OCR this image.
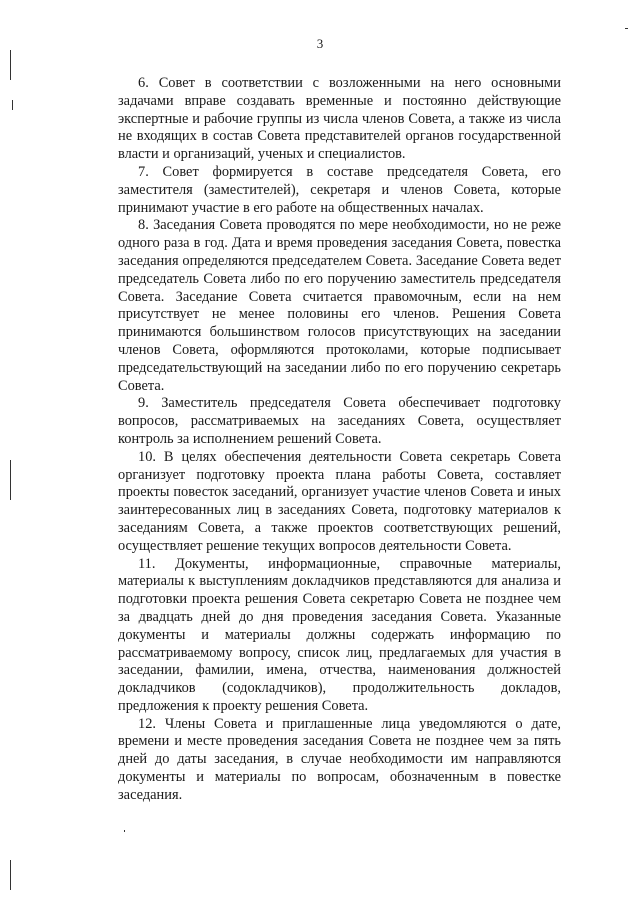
3

6. Совет в соответствии с возложенными на него основными задачами вправе создавать временные и постоянно действующие экспертные и рабочие группы из числа членов Совета, а также из числа не входящих в состав Совета представителей органов государственной власти и организаций, ученых и специалистов.

7. Совет формируется в составе председателя Совета, его заместителя (заместителей), секретаря и членов Совета, которые принимают участие в его работе на общественных началах.

8. Заседания Совета проводятся по мере необходимости, но не реже одного раза в год. Дата и время проведения заседания Совета, повестка заседания определяются председателем Совета. Заседание Совета ведет председатель Совета либо по его поручению заместитель председателя Совета. Заседание Совета считается правомочным, если на нем присутствует не менее половины его членов. Решения Совета принимаются большинством голосов присутствующих на заседании членов Совета, оформляются протоколами, которые подписывает председательствующий на заседании либо по его поручению секретарь Совета.

9. Заместитель председателя Совета обеспечивает подготовку вопросов, рассматриваемых на заседаниях Совета, осуществляет контроль за исполнением решений Совета.

10. В целях обеспечения деятельности Совета секретарь Совета организует подготовку проекта плана работы Совета, составляет проекты повесток заседаний, организует участие членов Совета и иных заинтересованных лиц в заседаниях Совета, подготовку материалов к заседаниям Совета, а также проектов соответствующих решений, осуществляет решение текущих вопросов деятельности Совета.

11. Документы, информационные, справочные материалы, материалы к выступлениям докладчиков представляются для анализа и подготовки проекта решения Совета секретарю Совета не позднее чем за двадцать дней до дня проведения заседания Совета. Указанные документы и материалы должны содержать информацию по рассматриваемому вопросу, список лиц, предлагаемых для участия в заседании, фамилии, имена, отчества, наименования должностей докладчиков (содокладчиков), продолжительность докладов, предложения к проекту решения Совета.

12. Члены Совета и приглашенные лица уведомляются о дате, времени и месте проведения заседания Совета не позднее чем за пять дней до даты заседания, в случае необходимости им направляются документы и материалы по вопросам, обозначенным в повестке заседания.
